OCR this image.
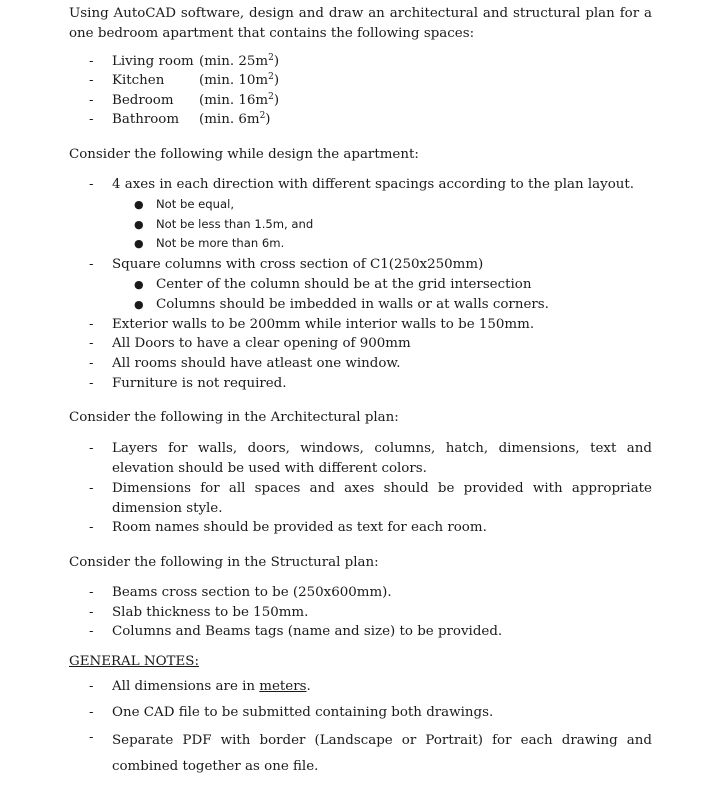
Using AutoCAD software, design and draw an architectural and structural plan for a one bedroom apartment that contains the following spaces:
- Living room (min. $25m^2$)
- Kitchen	(min. $10m^2$)
- Bedroom (min. $16m^2$)
- Bathroom (min. $6m^2$)
Consider the following while design the apartment:
- 4 axes in each direction with different spacings according to the plan layout.
● Not be equal,
● Not be less than 1.5m, and
● Not be more than 6m.
- Square columns with cross section of C1(250x250mm)
● Center of the column should be at the grid intersection
● Columns should be imbedded in walls or at walls corners.
- Exterior walls to be 200mm while interior walls to be 150mm.
- All Doors to have a clear opening of 900mm
- All rooms should have atleast one window.
- Furniture is not required.
Consider the following in the Architectural plan:
- Layers for walls, doors, windows, columns, hatch, dimensions, text and elevation should be used with different colors.
- Dimensions for all spaces and axes should be provided with appropriate dimension style.
- Room names should be provided as text for each room.
Consider the following in the Structural plan:
- Beams cross section to be (250x600mm).
- Slab thickness to be 150mm.
- Columns and Beams tags (name and size) to be provided.
GENERAL NOTES:
- All dimensions are in meters.
- One CAD file to be submitted containing both drawings.
- Separate PDF with border (Landscape or Portrait) for each drawing and combined together as one file.
